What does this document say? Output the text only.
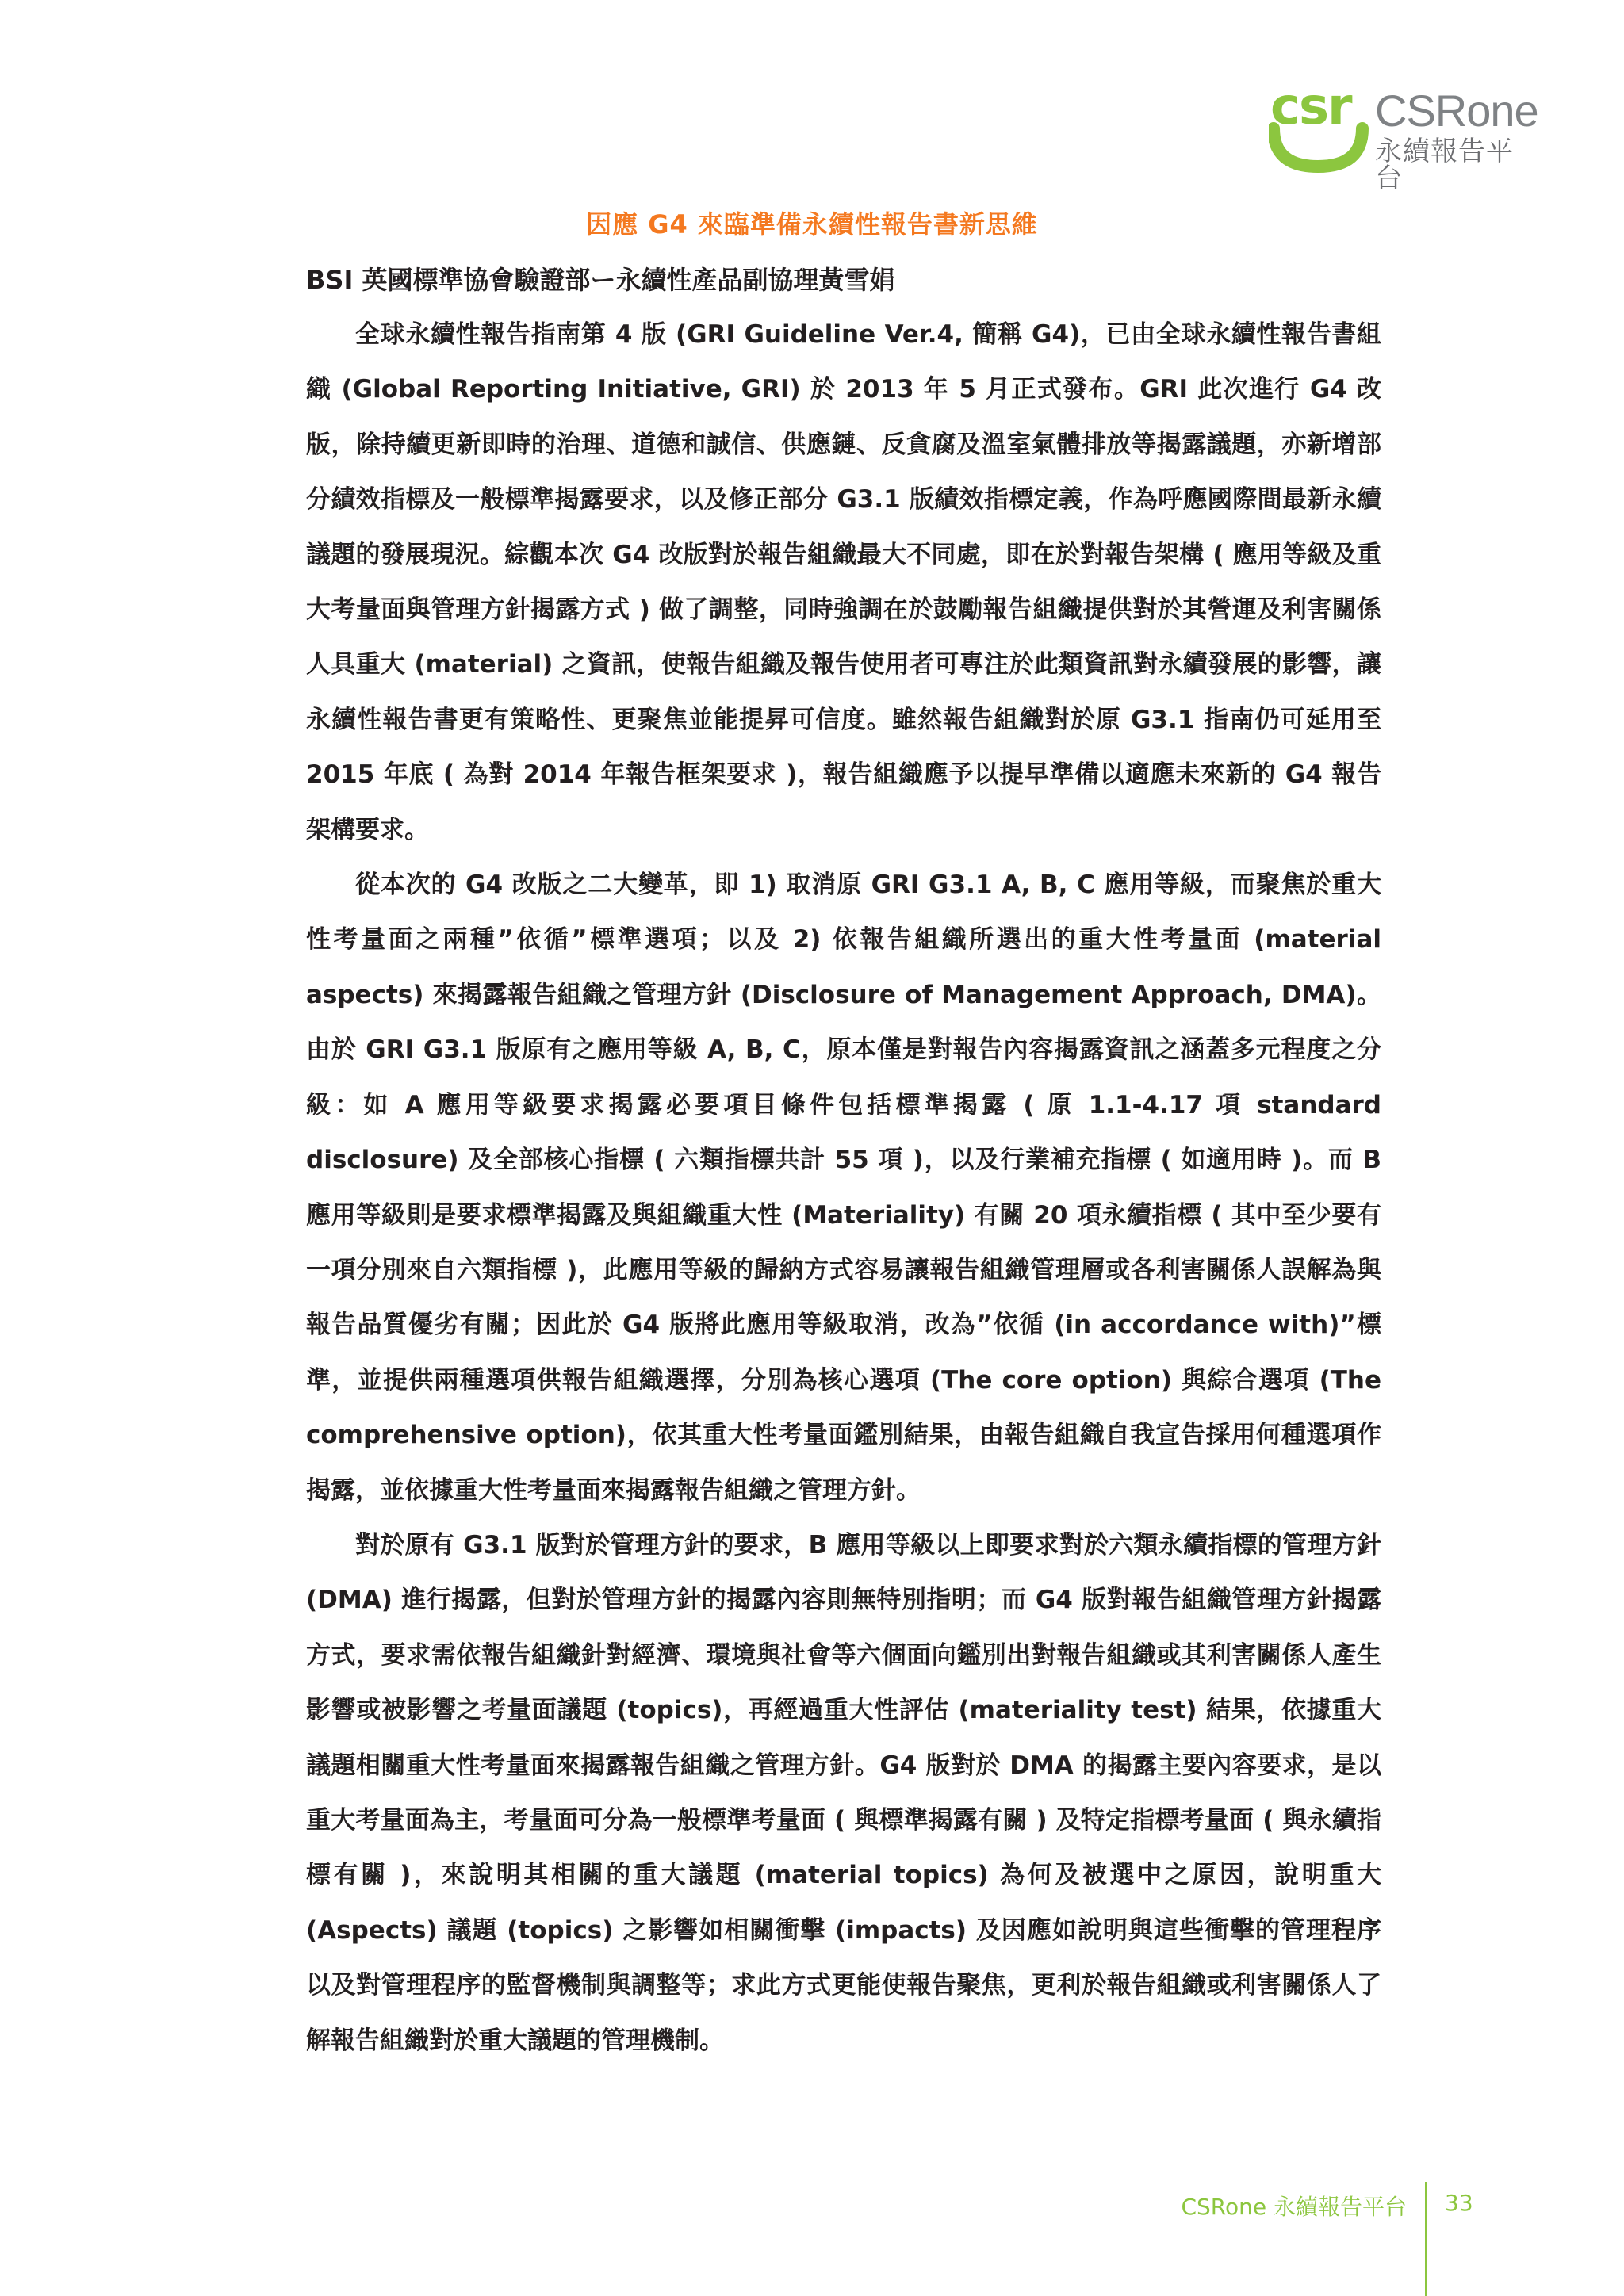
csr CSRone
永續報告平台
因應 G4 來臨準備永續性報告書新思維
BSI 英國標準協會驗證部ー永續性產品副協理黃雪娟

全球永續性報告指南第 4 版 (GRI Guideline Ver.4, 簡稱 G4)，已由全球永續性報告書組織 (Global Reporting Initiative, GRI) 於 2013 年 5 月正式發布。GRI 此次進行 G4 改版，除持續更新即時的治理、道德和誠信、供應鏈、反貪腐及溫室氣體排放等揭露議題，亦新增部分績效指標及一般標準揭露要求，以及修正部分 G3.1 版績效指標定義，作為呼應國際間最新永續議題的發展現況。綜觀本次 G4 改版對於報告組織最大不同處，即在於對報告架構 ( 應用等級及重大考量面與管理方針揭露方式 ) 做了調整，同時強調在於鼓勵報告組織提供對於其營運及利害關係人具重大 (material) 之資訊，使報告組織及報告使用者可專注於此類資訊對永續發展的影響，讓永續性報告書更有策略性、更聚焦並能提昇可信度。雖然報告組織對於原 G3.1 指南仍可延用至 2015 年底 ( 為對 2014 年報告框架要求 )，報告組織應予以提早準備以適應未來新的 G4 報告架構要求。

從本次的 G4 改版之二大變革，即 1) 取消原 GRI G3.1 A, B, C 應用等級，而聚焦於重大性考量面之兩種”依循”標準選項；以及 2) 依報告組織所選出的重大性考量面 (material aspects) 來揭露報告組織之管理方針 (Disclosure of Management Approach, DMA)。由於 GRI G3.1 版原有之應用等級 A, B, C，原本僅是對報告內容揭露資訊之涵蓋多元程度之分級：如 A 應用等級要求揭露必要項目條件包括標準揭露 ( 原 1.1-4.17 項 standard disclosure) 及全部核心指標 ( 六類指標共計 55 項 )，以及行業補充指標 ( 如適用時 )。而 B 應用等級則是要求標準揭露及與組織重大性 (Materiality) 有關 20 項永續指標 ( 其中至少要有一項分別來自六類指標 )，此應用等級的歸納方式容易讓報告組織管理層或各利害關係人誤解為與報告品質優劣有關；因此於 G4 版將此應用等級取消，改為”依循 (in accordance with)”標準，並提供兩種選項供報告組織選擇，分別為核心選項 (The core option) 與綜合選項 (The comprehensive option)，依其重大性考量面鑑別結果，由報告組織自我宣告採用何種選項作揭露，並依據重大性考量面來揭露報告組織之管理方針。

對於原有 G3.1 版對於管理方針的要求，B 應用等級以上即要求對於六類永續指標的管理方針 (DMA) 進行揭露，但對於管理方針的揭露內容則無特別指明；而 G4 版對報告組織管理方針揭露方式，要求需依報告組織針對經濟、環境與社會等六個面向鑑別出對報告組織或其利害關係人產生影響或被影響之考量面議題 (topics)，再經過重大性評估 (materiality test) 結果，依據重大議題相關重大性考量面來揭露報告組織之管理方針。G4 版對於 DMA 的揭露主要內容要求，是以重大考量面為主，考量面可分為一般標準考量面 ( 與標準揭露有關 ) 及特定指標考量面 ( 與永續指標有關 )，來說明其相關的重大議題 (material topics) 為何及被選中之原因，說明重大 (Aspects) 議題 (topics) 之影響如相關衝擊 (impacts) 及因應如說明與這些衝擊的管理程序以及對管理程序的監督機制與調整等；求此方式更能使報告聚焦，更利於報告組織或利害關係人了解報告組織對於重大議題的管理機制。

CSRone 永續報告平台 33
